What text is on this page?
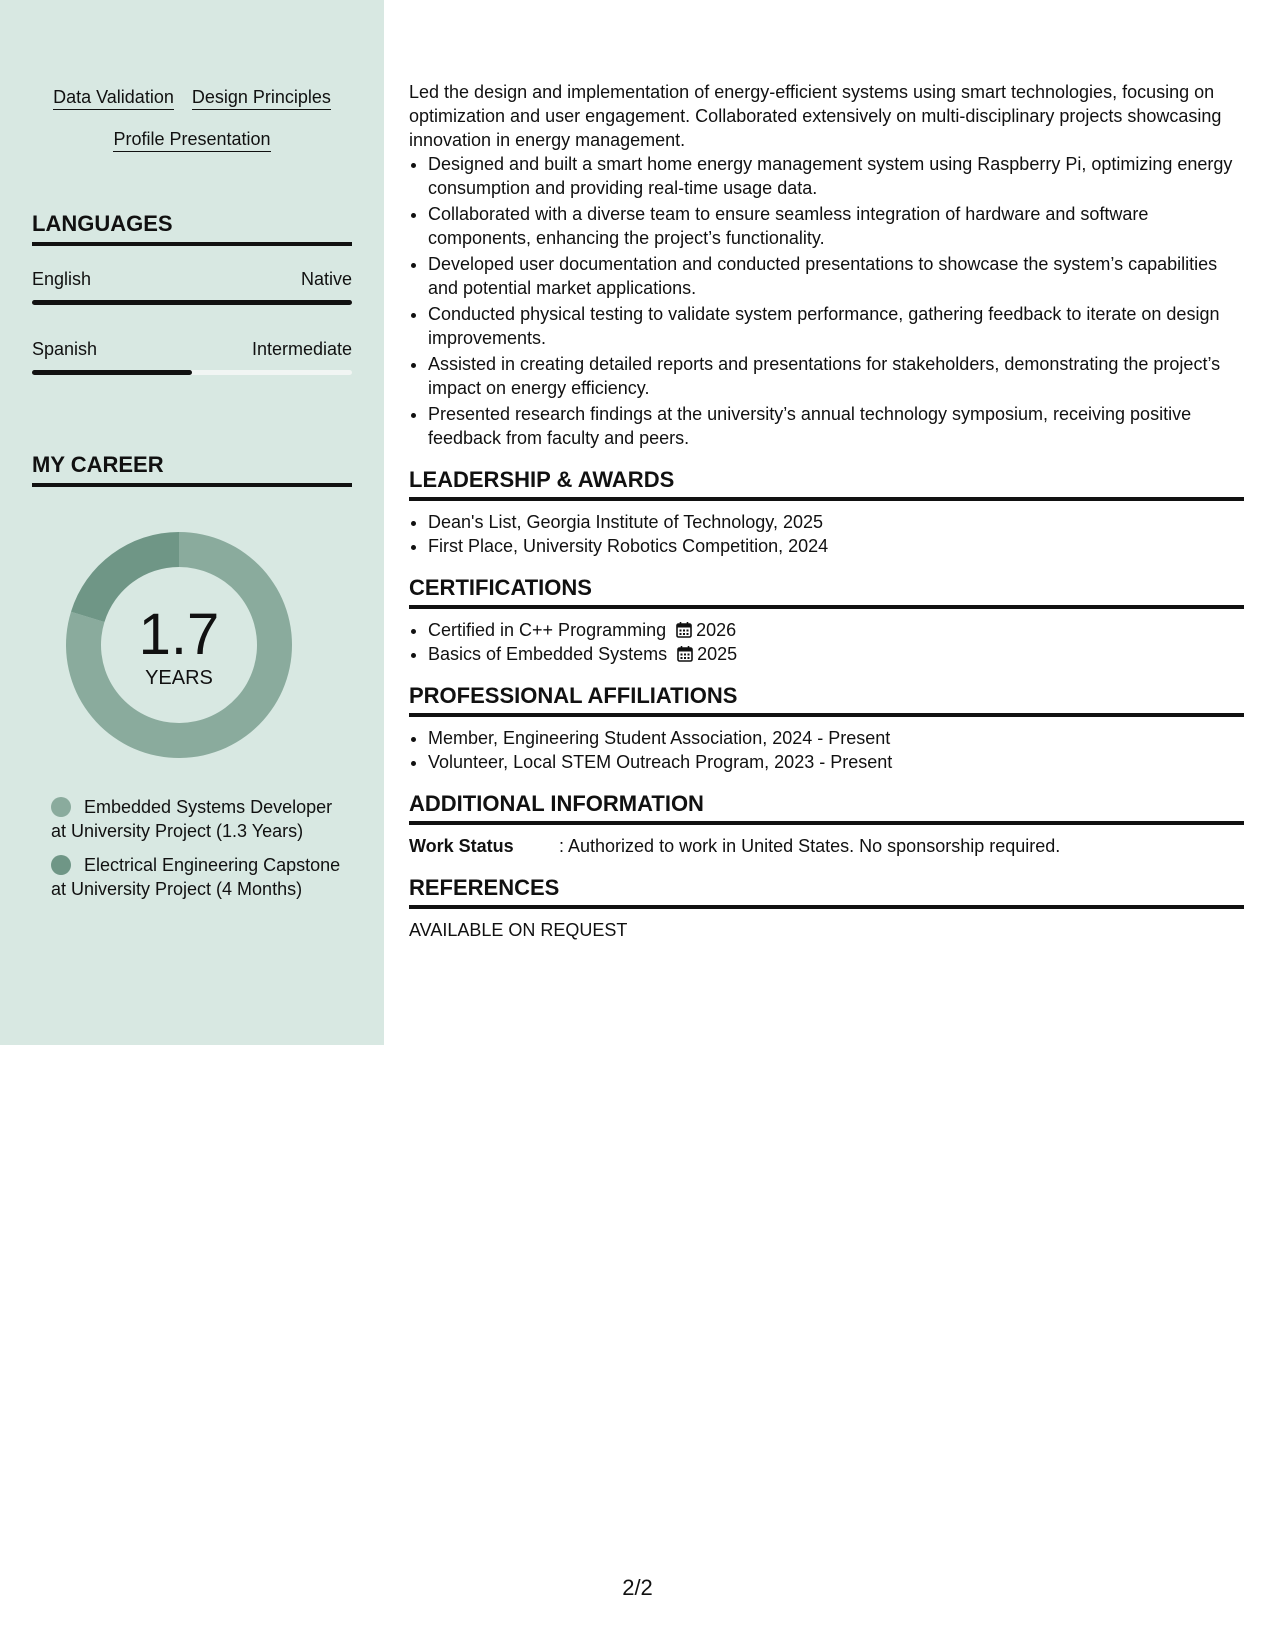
Data Validation Design Principles
Profile Presentation
LANGUAGES
English	Native
Spanish	Intermediate
MY CAREER
1.7
YEARS
Embedded Systems Developer at University Project (1.3 Years)
Electrical Engineering Capstone at University Project (4 Months)

Led the design and implementation of energy-efficient systems using smart technologies, focusing on optimization and user engagement. Collaborated extensively on multi-disciplinary projects showcasing innovation in energy management.

• Designed and built a smart home energy management system using Raspberry Pi, optimizing energy consumption and providing real-time usage data.
• Collaborated with a diverse team to ensure seamless integration of hardware and software components, enhancing the project’s functionality.
• Developed user documentation and conducted presentations to showcase the system’s capabilities and potential market applications.
• Conducted physical testing to validate system performance, gathering feedback to iterate on design improvements.
• Assisted in creating detailed reports and presentations for stakeholders, demonstrating the project’s impact on energy efficiency.
• Presented research findings at the university’s annual technology symposium, receiving positive feedback from faculty and peers.
LEADERSHIP & AWARDS
• Dean's List, Georgia Institute of Technology, 2025
• First Place, University Robotics Competition, 2024
CERTIFICATIONS
• Certified in C++ Programming 2026
• Basics of Embedded Systems 2025
PROFESSIONAL AFFILIATIONS
• Member, Engineering Student Association, 2024 - Present
• Volunteer, Local STEM Outreach Program, 2023 - Present
ADDITIONAL INFORMATION
Work Status	: Authorized to work in United States. No sponsorship required.
REFERENCES
AVAILABLE ON REQUEST
2/2
